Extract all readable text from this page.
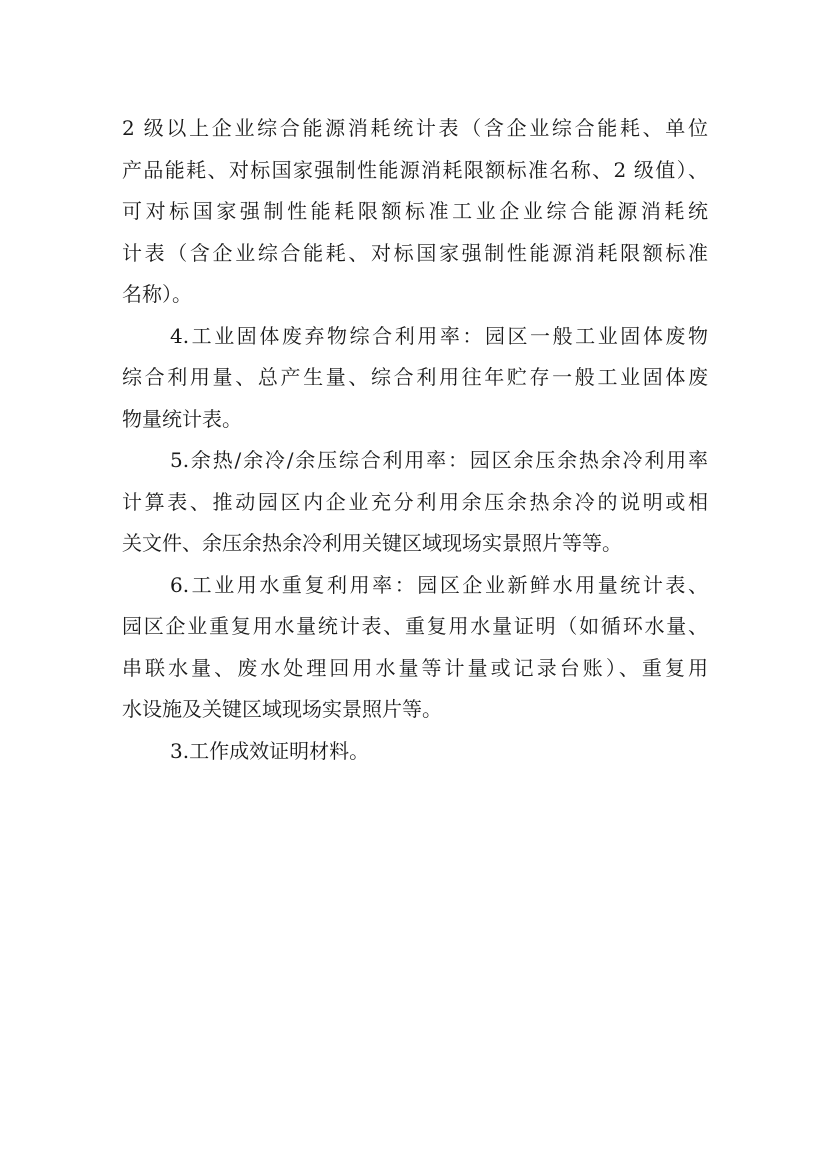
2 级以上企业综合能源消耗统计表（含企业综合能耗、单位
产品能耗、对标国家强制性能源消耗限额标准名称、2 级值）、
可对标国家强制性能耗限额标准工业企业综合能源消耗统
计表（含企业综合能耗、对标国家强制性能源消耗限额标准
名称）。
4.工业固体废弃物综合利用率：园区一般工业固体废物
综合利用量、总产生量、综合利用往年贮存一般工业固体废
物量统计表。
5.余热/余冷/余压综合利用率：园区余压余热余冷利用率
计算表、推动园区内企业充分利用余压余热余冷的说明或相
关文件、余压余热余冷利用关键区域现场实景照片等等。
6.工业用水重复利用率：园区企业新鲜水用量统计表、
园区企业重复用水量统计表、重复用水量证明（如循环水量、
串联水量、废水处理回用水量等计量或记录台账）、重复用
水设施及关键区域现场实景照片等。
3.工作成效证明材料。
